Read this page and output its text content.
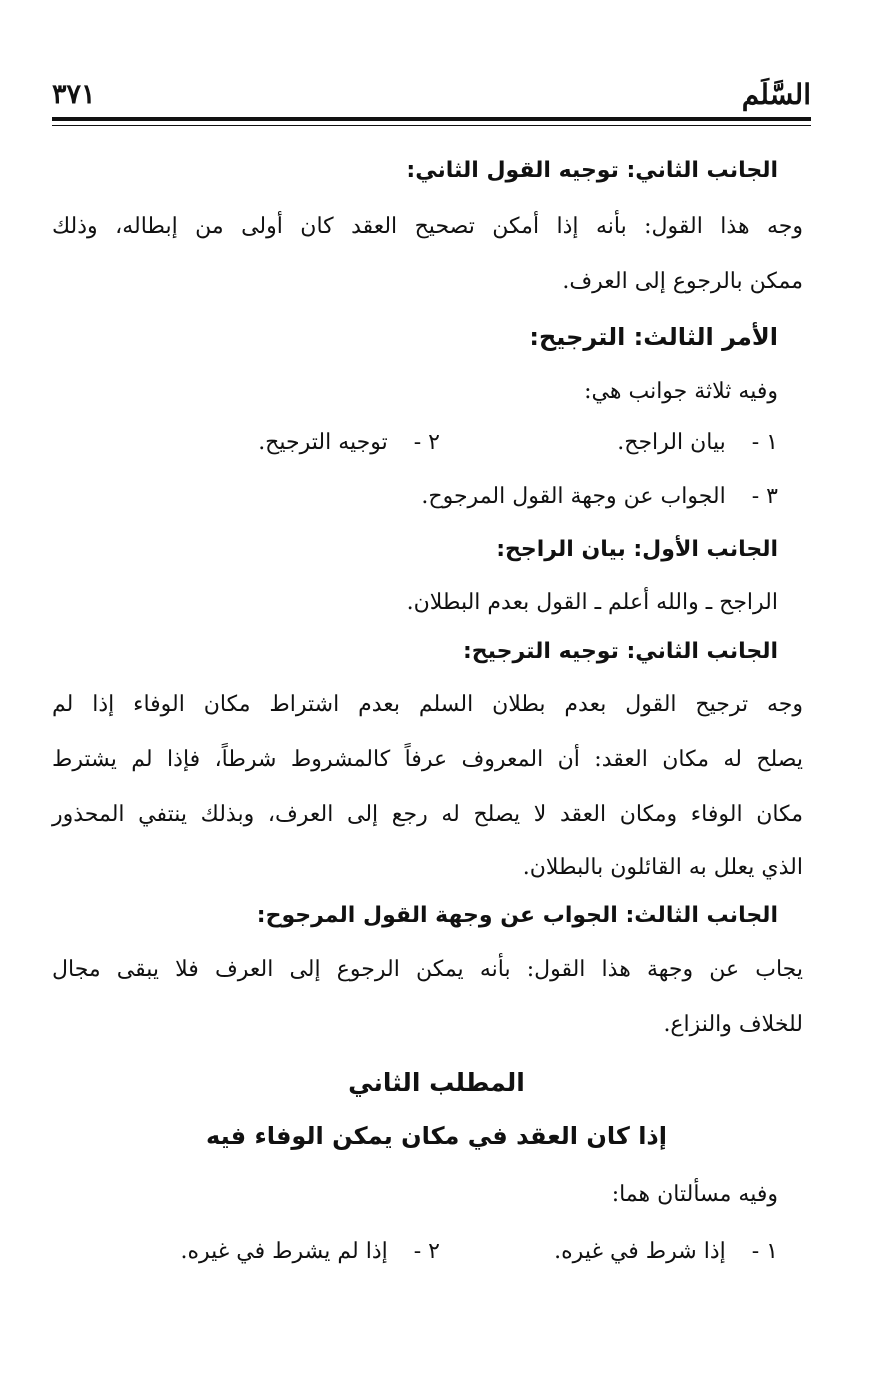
السَّلَم
٣٧١
الجانب الثاني: توجيه القول الثاني:
وجه هذا القول: بأنه إذا أمكن تصحيح العقد كان أولى من إبطاله، وذلك
ممكن بالرجوع إلى العرف.
الأمر الثالث: الترجيح:
وفيه ثلاثة جوانب هي:
١ -بيان الراجح.
٢ -توجيه الترجيح.
٣ -الجواب عن وجهة القول المرجوح.
الجانب الأول: بيان الراجح:
الراجح ـ والله أعلم ـ القول بعدم البطلان.
الجانب الثاني: توجيه الترجيح:
وجه ترجيح القول بعدم بطلان السلم بعدم اشتراط مكان الوفاء إذا لم
يصلح له مكان العقد: أن المعروف عرفاً كالمشروط شرطاً، فإذا لم يشترط
مكان الوفاء ومكان العقد لا يصلح له رجع إلى العرف، وبذلك ينتفي المحذور
الذي يعلل به القائلون بالبطلان.
الجانب الثالث: الجواب عن وجهة القول المرجوح:
يجاب عن وجهة هذا القول: بأنه يمكن الرجوع إلى العرف فلا يبقى مجال
للخلاف والنزاع.
المطلب الثاني
إذا كان العقد في مكان يمكن الوفاء فيه
وفيه مسألتان هما:
١ -إذا شرط في غيره.
٢ -إذا لم يشرط في غيره.
